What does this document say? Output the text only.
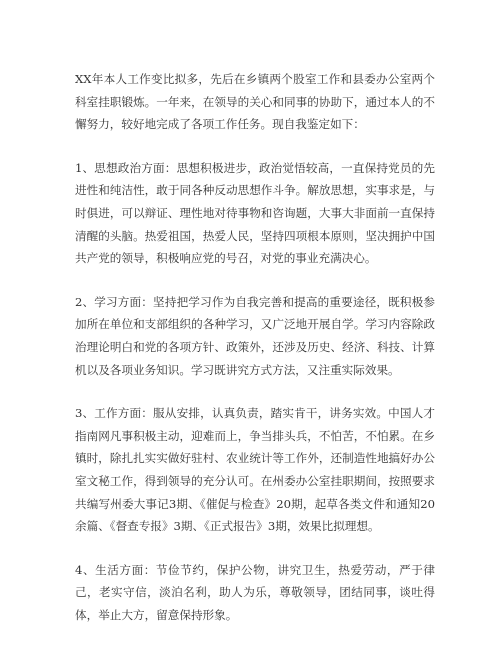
XX年本人工作变比拟多，先后在乡镇两个股室工作和县委办公室两个科室挂职锻炼。一年来，在领导的关心和同事的协助下，通过本人的不懈努力，较好地完成了各项工作任务。现自我鉴定如下：

1、思想政治方面：思想积极进步，政治觉悟较高，一直保持党员的先进性和纯洁性，敢于同各种反动思想作斗争。解放思想，实事求是，与时俱进，可以辩证、理性地对待事物和咨询题，大事大非面前一直保持清醒的头脑。热爱祖国，热爱人民，坚持四项根本原则，坚决拥护中国共产党的领导，积极响应党的号召，对党的事业充满决心。

2、学习方面：坚持把学习作为自我完善和提高的重要途径，既积极参加所在单位和支部组织的各种学习，又广泛地开展自学。学习内容除政治理论明白和党的各项方针、政策外，还涉及历史、经济、科技、计算机以及各项业务知识。学习既讲究方式方法，又注重实际效果。

3、工作方面：服从安排，认真负责，踏实肯干，讲务实效。中国人才指南网凡事积极主动，迎难而上，争当排头兵，不怕苦，不怕累。在乡镇时，除扎扎实实做好驻村、农业统计等工作外，还制造性地搞好办公室文秘工作，得到领导的充分认可。在州委办公室挂职期间，按照要求共编写州委大事记3期、《催促与检查》20期，起草各类文件和通知20余篇、《督查专报》3期、《正式报告》3期，效果比拟理想。

4、生活方面：节俭节约，保护公物，讲究卫生，热爱劳动，严于律己，老实守信，淡泊名利，助人为乐，尊敬领导，团结同事，谈吐得体，举止大方，留意保持形象。
